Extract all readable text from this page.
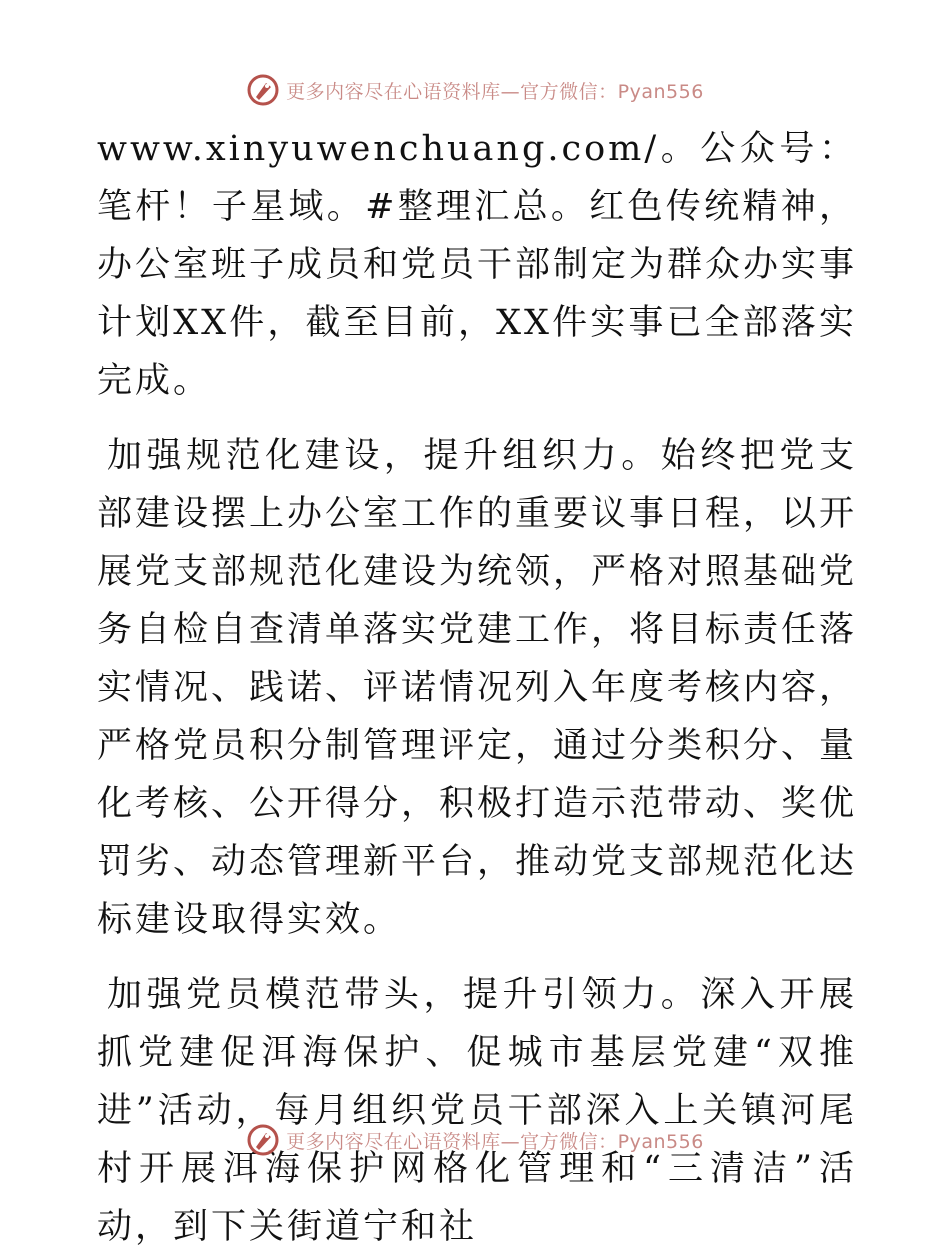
更多内容尽在心语资料库—官方微信：Pyan556

www.xinyuwenchuang.com/。公众号：笔杆！子星域。#整理汇总。红色传统精神，办公室班子成员和党员干部制定为群众办实事计划XX件，截至目前，XX件实事已全部落实完成。

加强规范化建设，提升组织力。始终把党支部建设摆上办公室工作的重要议事日程，以开展党支部规范化建设为统领，严格对照基础党务自检自查清单落实党建工作，将目标责任落实情况、践诺、评诺情况列入年度考核内容，严格党员积分制管理评定，通过分类积分、量化考核、公开得分，积极打造示范带动、奖优罚劣、动态管理新平台，推动党支部规范化达标建设取得实效。

加强党员模范带头，提升引领力。深入开展抓党建促洱海保护、促城市基层党建“双推进”活动，每月组织党员干部深入上关镇河尾村开展洱海保护网格化管理和“三清洁”活动，到下关街道宁和社

更多内容尽在心语资料库—官方微信：Pyan556
